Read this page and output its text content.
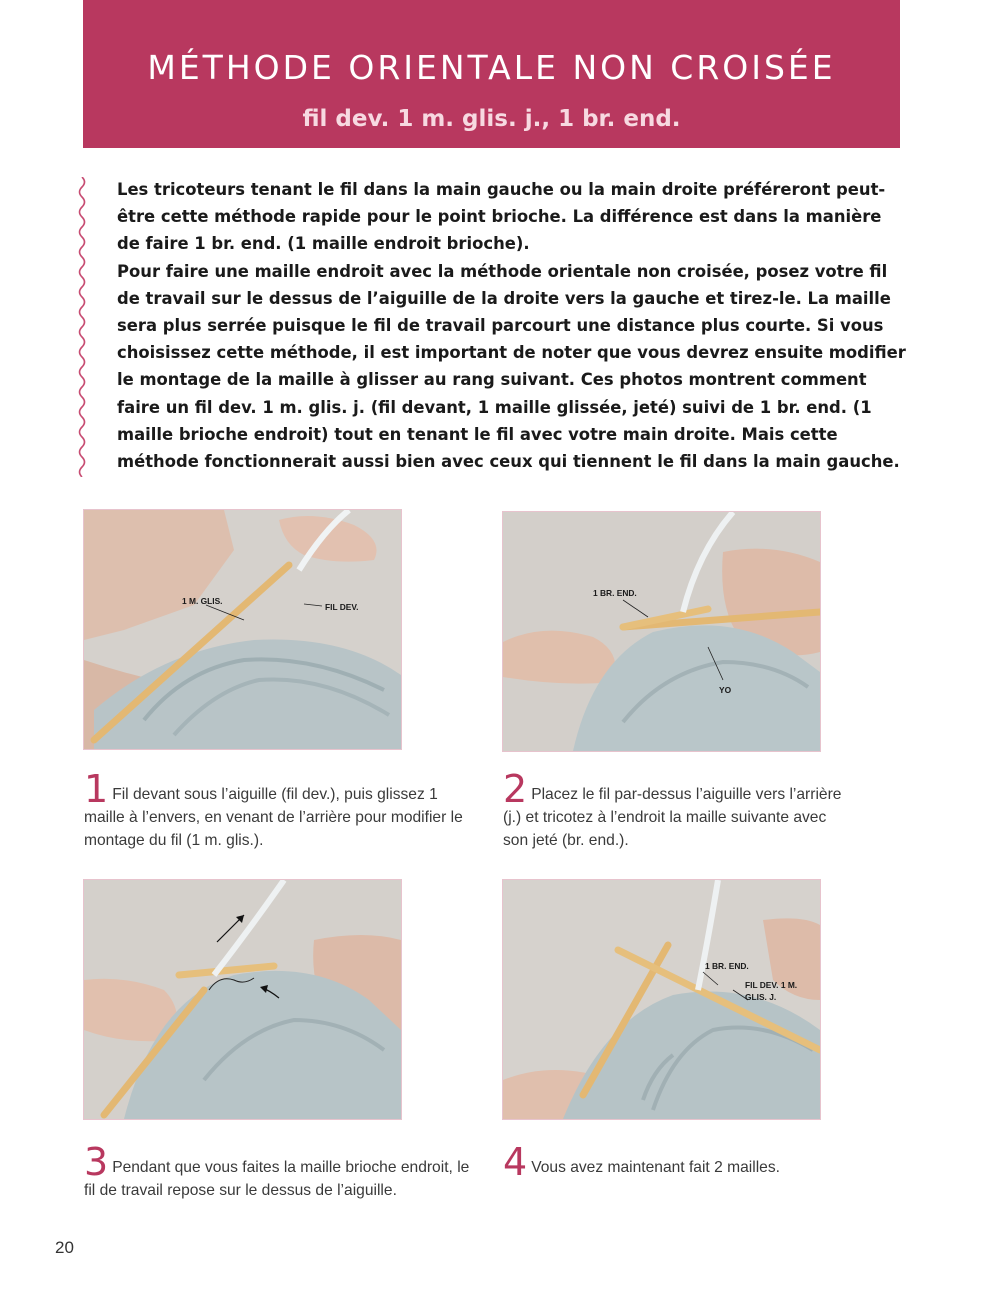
MÉTHODE ORIENTALE NON CROISÉE
fil dev. 1 m. glis. j., 1 br. end.

Les tricoteurs tenant le fil dans la main gauche ou la main droite préféreront peut-être cette méthode rapide pour le point brioche. La différence est dans la manière de faire 1 br. end. (1 maille endroit brioche).

Pour faire une maille endroit avec la méthode orientale non croisée, posez votre fil de travail sur le dessus de l’aiguille de la droite vers la gauche et tirez-le. La maille sera plus serrée puisque le fil de travail parcourt une distance plus courte. Si vous choisissez cette méthode, il est important de noter que vous devrez ensuite modifier le montage de la maille à glisser au rang suivant. Ces photos montrent comment faire un fil dev. 1 m. glis. j. (fil devant, 1 maille glissée, jeté) suivi de 1 br. end. (1 maille brioche endroit) tout en tenant le fil avec votre main droite. Mais cette méthode fonctionnerait aussi bien avec ceux qui tiennent le fil dans la main gauche.

1 M. GLIS.
FIL DEV.
1 BR. END.
YO

1 Fil devant sous l’aiguille (fil dev.), puis glissez 1 maille à l’envers, en venant de l’arrière pour modifier le montage du fil (1 m. glis.).

2 Placez le fil par-dessus l’aiguille vers l’arrière (j.) et tricotez à l’endroit la maille suivante avec son jeté (br. end.).

1 BR. END.
FIL DEV. 1 M.
GLIS. J.

3 Pendant que vous faites la maille brioche endroit, le fil de travail repose sur le dessus de l’aiguille.

4 Vous avez maintenant fait 2 mailles.

20
